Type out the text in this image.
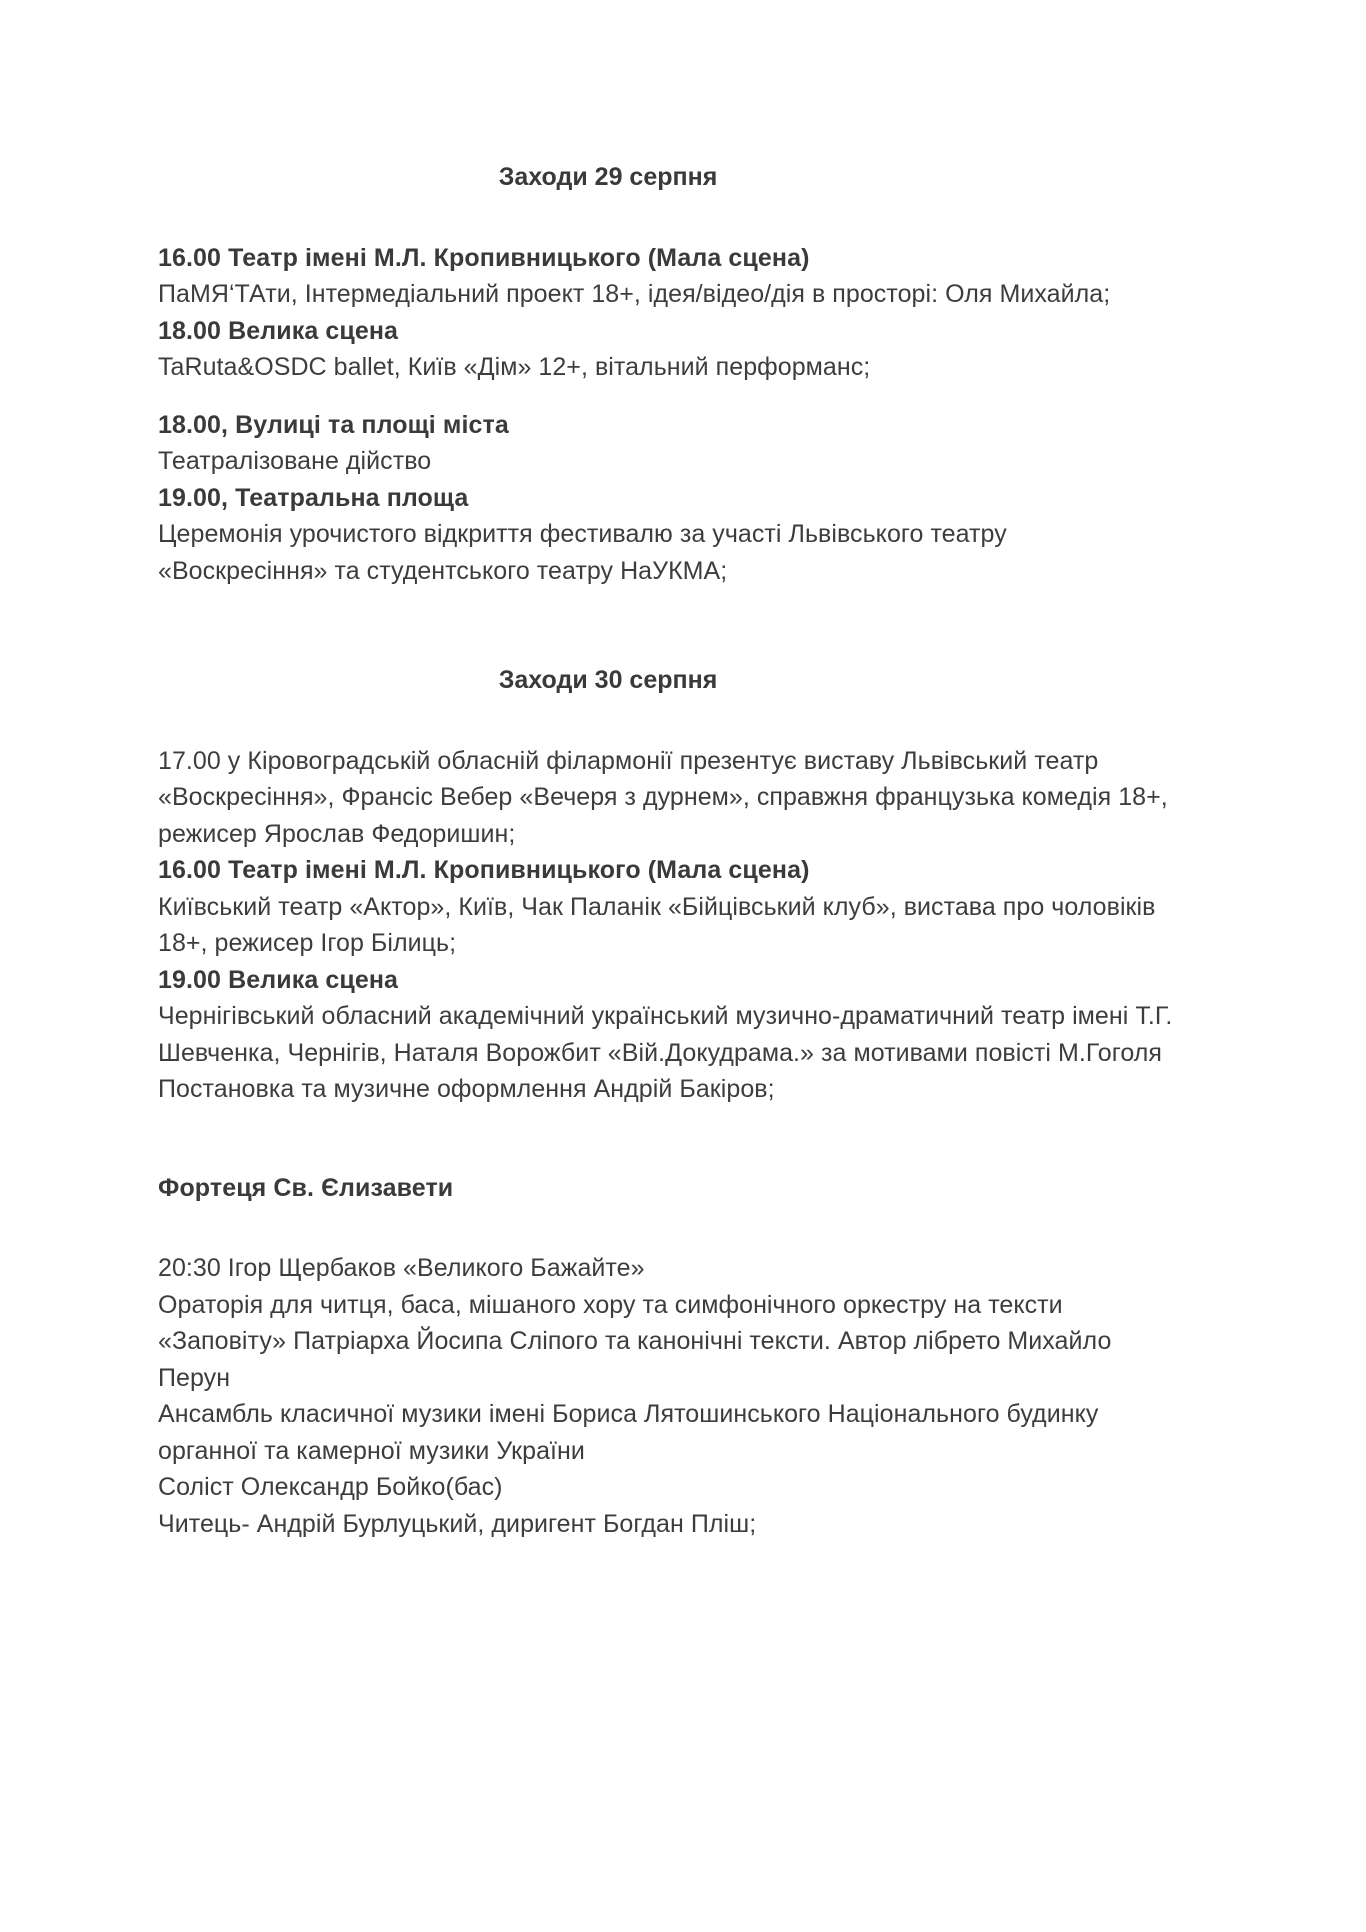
Заходи 29 серпня

16.00 Театр імені М.Л. Кропивницького (Мала сцена)

ПаМЯ‘ТАти, Інтермедіальний проект 18+, ідея/відео/дія в просторі: Оля Михайла;

18.00 Велика сцена

TaRuta&OSDC ballet, Київ «Дім» 12+, вітальний перформанс;

18.00, Вулиці та площі міста

Театралізоване дійство

19.00, Театральна площа

Церемонія урочистого відкриття фестивалю за участі Львівського театру «Воскресіння» та студентського театру НаУКМА;

Заходи 30 серпня

17.00 у Кіровоградській обласній філармонії презентує виставу Львівський театр «Воскресіння», Франсіс Вебер «Вечеря з дурнем», справжня французька комедія 18+, режисер Ярослав Федоришин;

16.00 Театр імені М.Л. Кропивницького (Мала сцена)

Київський театр «Актор», Київ, Чак Паланік «Бійцівський клуб», вистава про чоловіків 18+, режисер Ігор Білиць;

19.00 Велика сцена

Чернігівський обласний академічний український музично-драматичний театр імені Т.Г. Шевченка, Чернігів, Наталя Ворожбит «Вій.Докудрама.» за мотивами повісті М.Гоголя

Постановка та музичне оформлення Андрій Бакіров;

Фортеця Св. Єлизавети

20:30 Ігор Щербаков «Великого Бажайте»

Ораторія для читця, баса, мішаного хору та симфонічного оркестру на тексти «Заповіту» Патріарха Йосипа Сліпого та канонічні тексти. Автор лібрето Михайло Перун

Ансамбль класичної музики імені Бориса Лятошинського Національного будинку органної та камерної музики України

Соліст Олександр Бойко(бас)

Читець- Андрій Бурлуцький, диригент Богдан Пліш;
